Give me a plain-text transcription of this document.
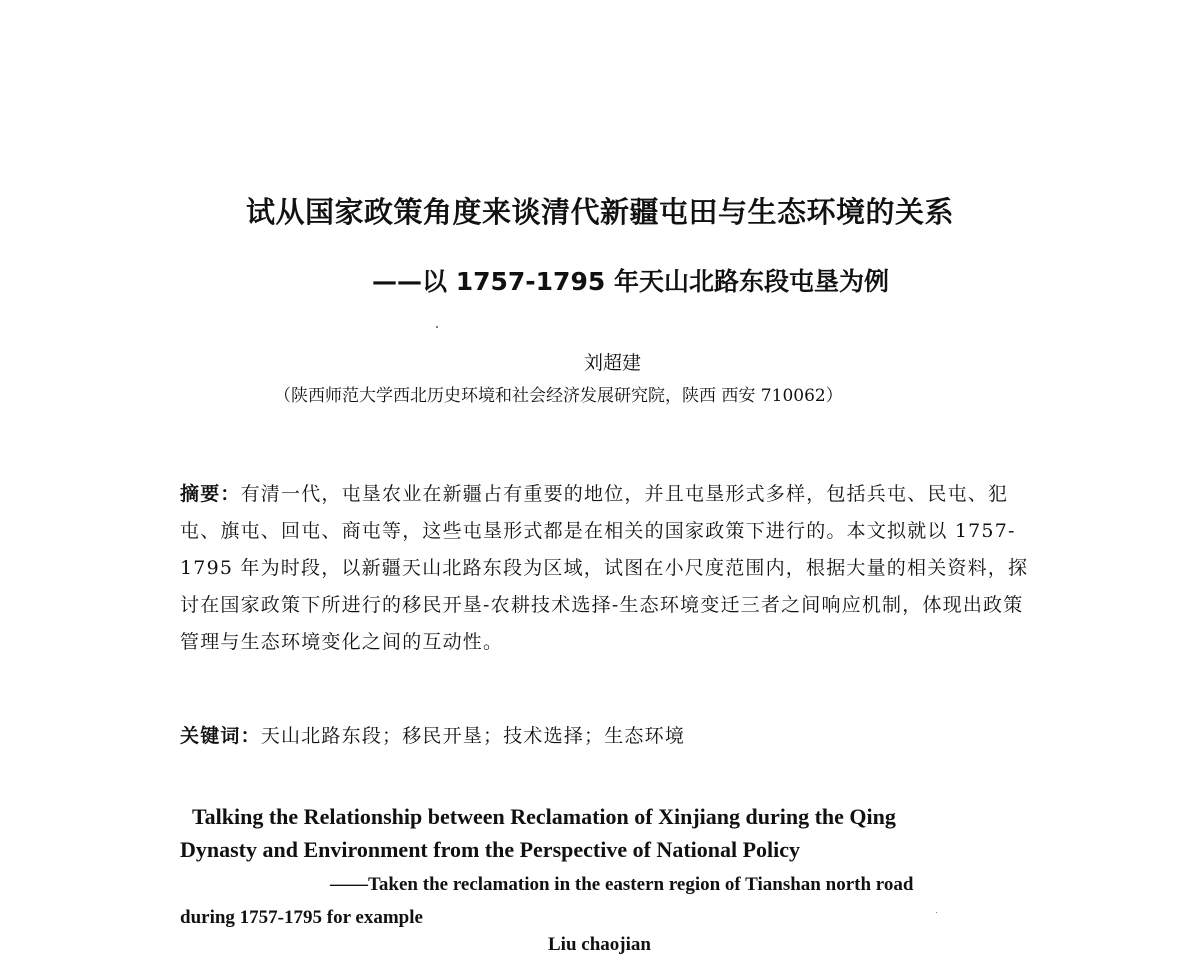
试从国家政策角度来谈清代新疆屯田与生态环境的关系
——以 1757-1795 年天山北路东段屯垦为例
刘超建
（陕西师范大学西北历史环境和社会经济发展研究院，陕西 西安 710062）

摘要：有清一代，屯垦农业在新疆占有重要的地位，并且屯垦形式多样，包括兵屯、民屯、犯屯、旗屯、回屯、商屯等，这些屯垦形式都是在相关的国家政策下进行的。本文拟就以 1757-1795 年为时段，以新疆天山北路东段为区域，试图在小尺度范围内，根据大量的相关资料，探讨在国家政策下所进行的移民开垦-农耕技术选择-生态环境变迁三者之间响应机制，体现出政策管理与生态环境变化之间的互动性。

关键词：天山北路东段；移民开垦；技术选择；生态环境

Talking the Relationship between Reclamation of Xinjiang during the Qing
Dynasty and Environment from the Perspective of National Policy

——Taken the reclamation in the eastern region of Tianshan north road
during 1757-1795 for example

Liu chaojian
